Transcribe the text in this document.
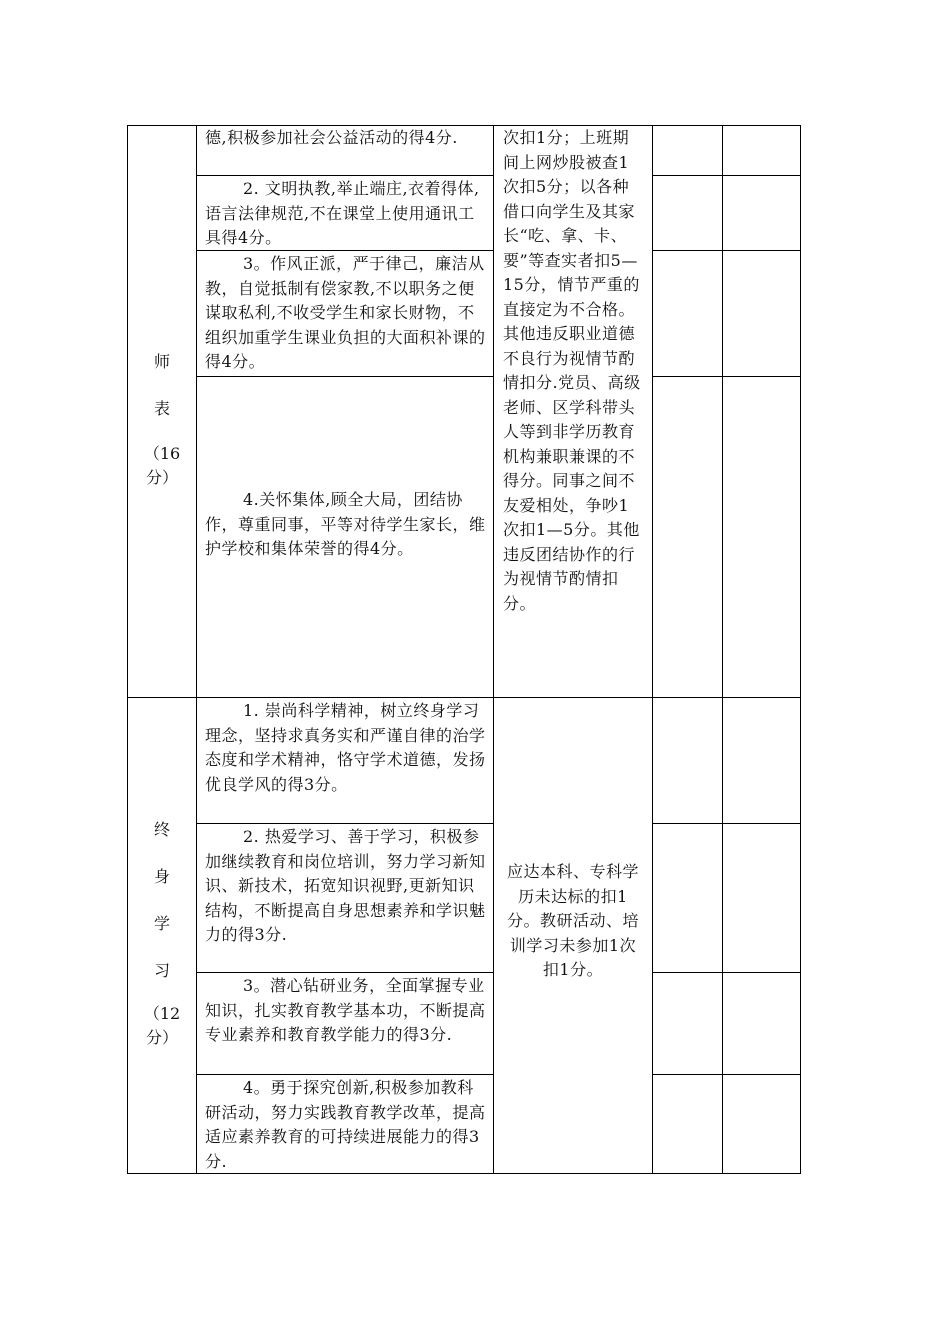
师
表
（16分）
德,积极参加社会公益活动的得4分.
2. 文明执教,举止端庄,衣着得体,语言法律规范,不在课堂上使用通讯工具得4分。
3。作风正派，严于律己，廉洁从教，自觉抵制有偿家教,不以职务之便谋取私利,不收受学生和家长财物，不组织加重学生课业负担的大面积补课的得4分。
4.关怀集体,顾全大局，团结协作，尊重同事，平等对待学生家长，维护学校和集体荣誉的得4分。
次扣1分；上班期间上网炒股被查1次扣5分；以各种借口向学生及其家长“吃、拿、卡、要”等查实者扣5—15分，情节严重的直接定为不合格。其他违反职业道德不良行为视情节酌情扣分.党员、高级老师、区学科带头人等到非学历教育机构兼职兼课的不得分。同事之间不友爱相处，争吵1次扣1—5分。其他违反团结协作的行为视情节酌情扣分。
终
身
学
习
（12分）
1. 崇尚科学精神，树立终身学习理念，坚持求真务实和严谨自律的治学态度和学术精神，恪守学术道德，发扬优良学风的得3分。
2. 热爱学习、善于学习，积极参加继续教育和岗位培训，努力学习新知识、新技术，拓宽知识视野,更新知识结构，不断提高自身思想素养和学识魅力的得3分.
3。潜心钻研业务，全面掌握专业知识，扎实教育教学基本功，不断提高专业素养和教育教学能力的得3分.
4。勇于探究创新,积极参加教科研活动，努力实践教育教学改革，提高适应素养教育的可持续进展能力的得3分.
应达本科、专科学历未达标的扣1分。教研活动、培训学习未参加1次扣1分。
